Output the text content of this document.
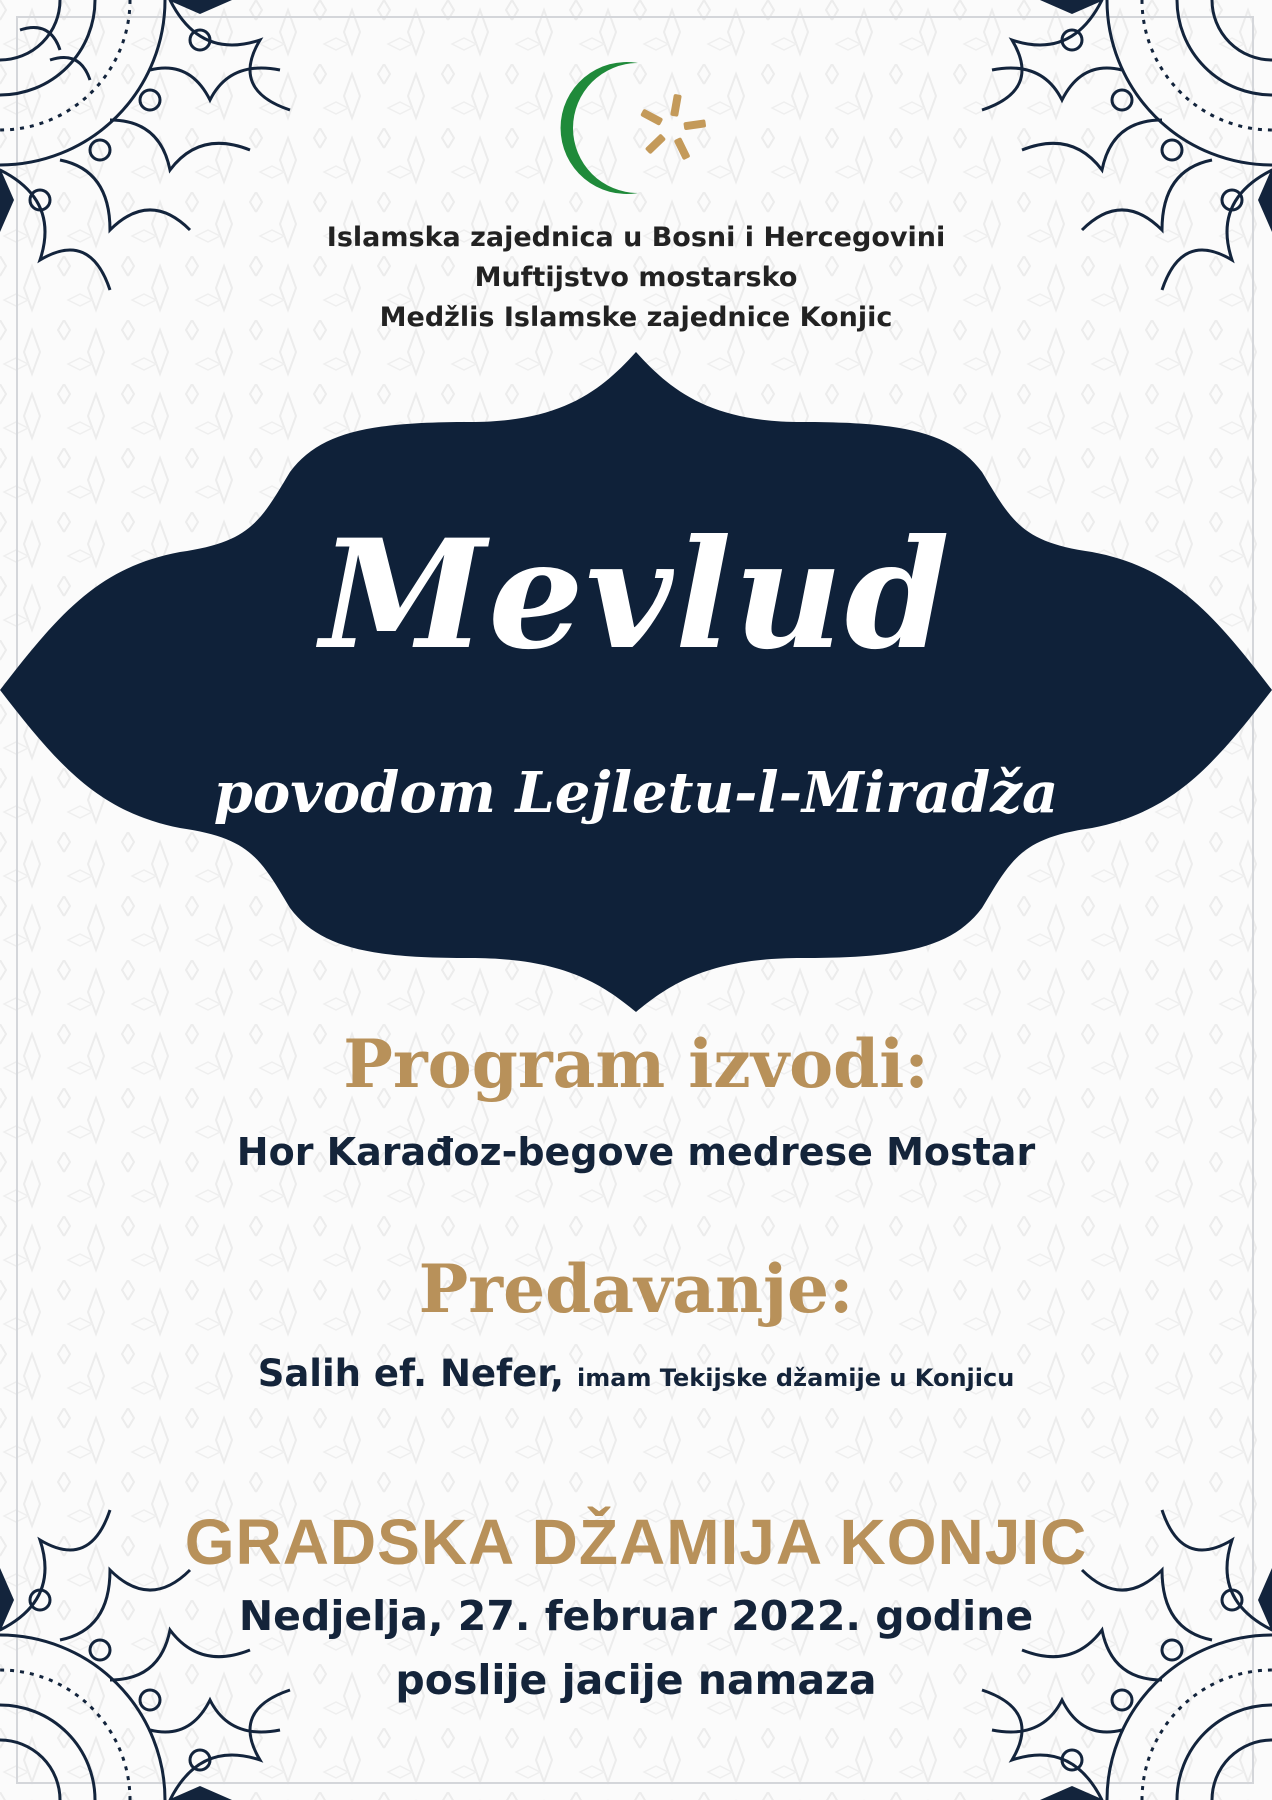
Islamska zajednica u Bosni i Hercegovini
Muftijstvo mostarsko
Medžlis Islamske zajednice Konjic
Mevlud
povodom Lejletu-l-Miradža
Program izvodi:
Hor Karađoz-begove medrese Mostar
Predavanje:
Salih ef. Nefer, imam Tekijske džamije u Konjicu
GRADSKA DŽAMIJA KONJIC
Nedjelja, 27. februar 2022. godine
poslije jacije namaza
